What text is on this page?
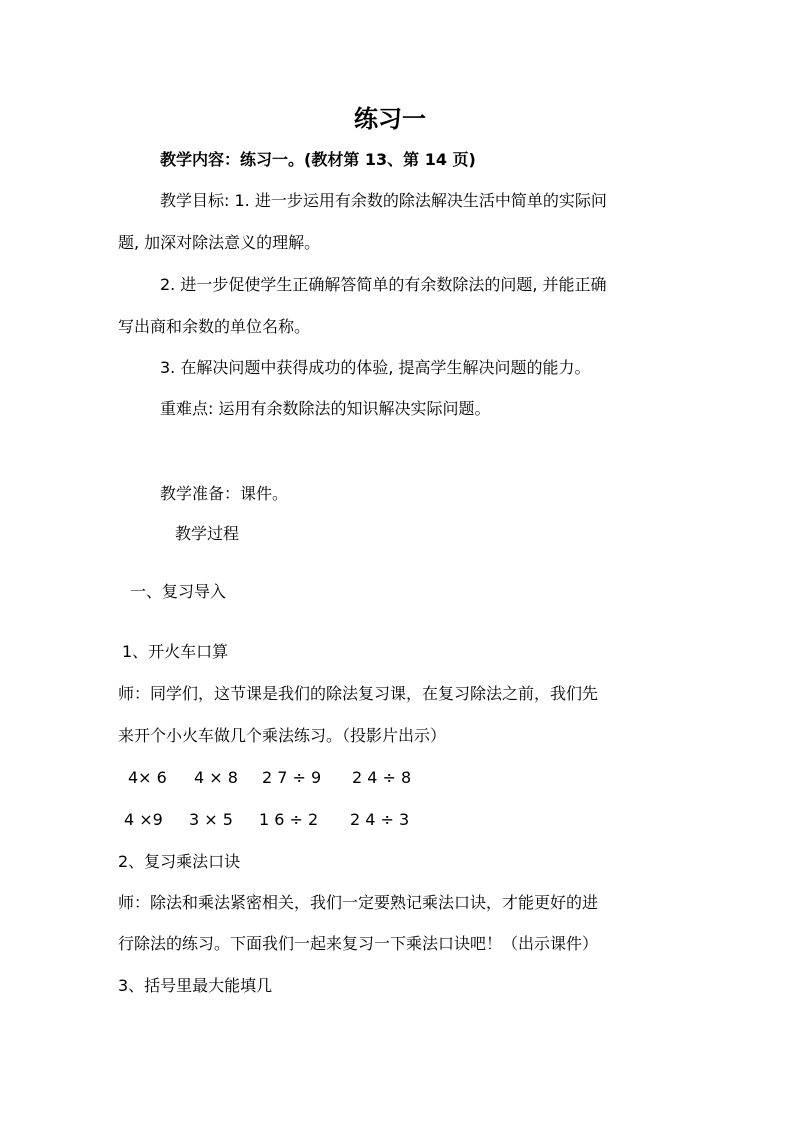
练习一
教学内容：练习一。(教材第 13、第 14 页)
教学目标: 1. 进一步运用有余数的除法解决生活中简单的实际问
题, 加深对除法意义的理解。
2. 进一步促使学生正确解答简单的有余数除法的问题, 并能正确
写出商和余数的单位名称。
3. 在解决问题中获得成功的体验, 提高学生解决问题的能力。
重难点: 运用有余数除法的知识解决实际问题。
教学准备：课件。
教学过程
一、复习导入
1、开火车口算
师：同学们，这节课是我们的除法复习课，在复习除法之前，我们先
来开个小火车做几个乘法练习。（投影片出示）
4× 6 4 × 8 2 7 ÷ 9 2 4 ÷ 8
4 ×9 3 × 5 1 6 ÷ 2 2 4 ÷ 3
2、复习乘法口诀
师：除法和乘法紧密相关，我们一定要熟记乘法口诀，才能更好的进
行除法的练习。下面我们一起来复习一下乘法口诀吧！（出示课件）
3、括号里最大能填几
